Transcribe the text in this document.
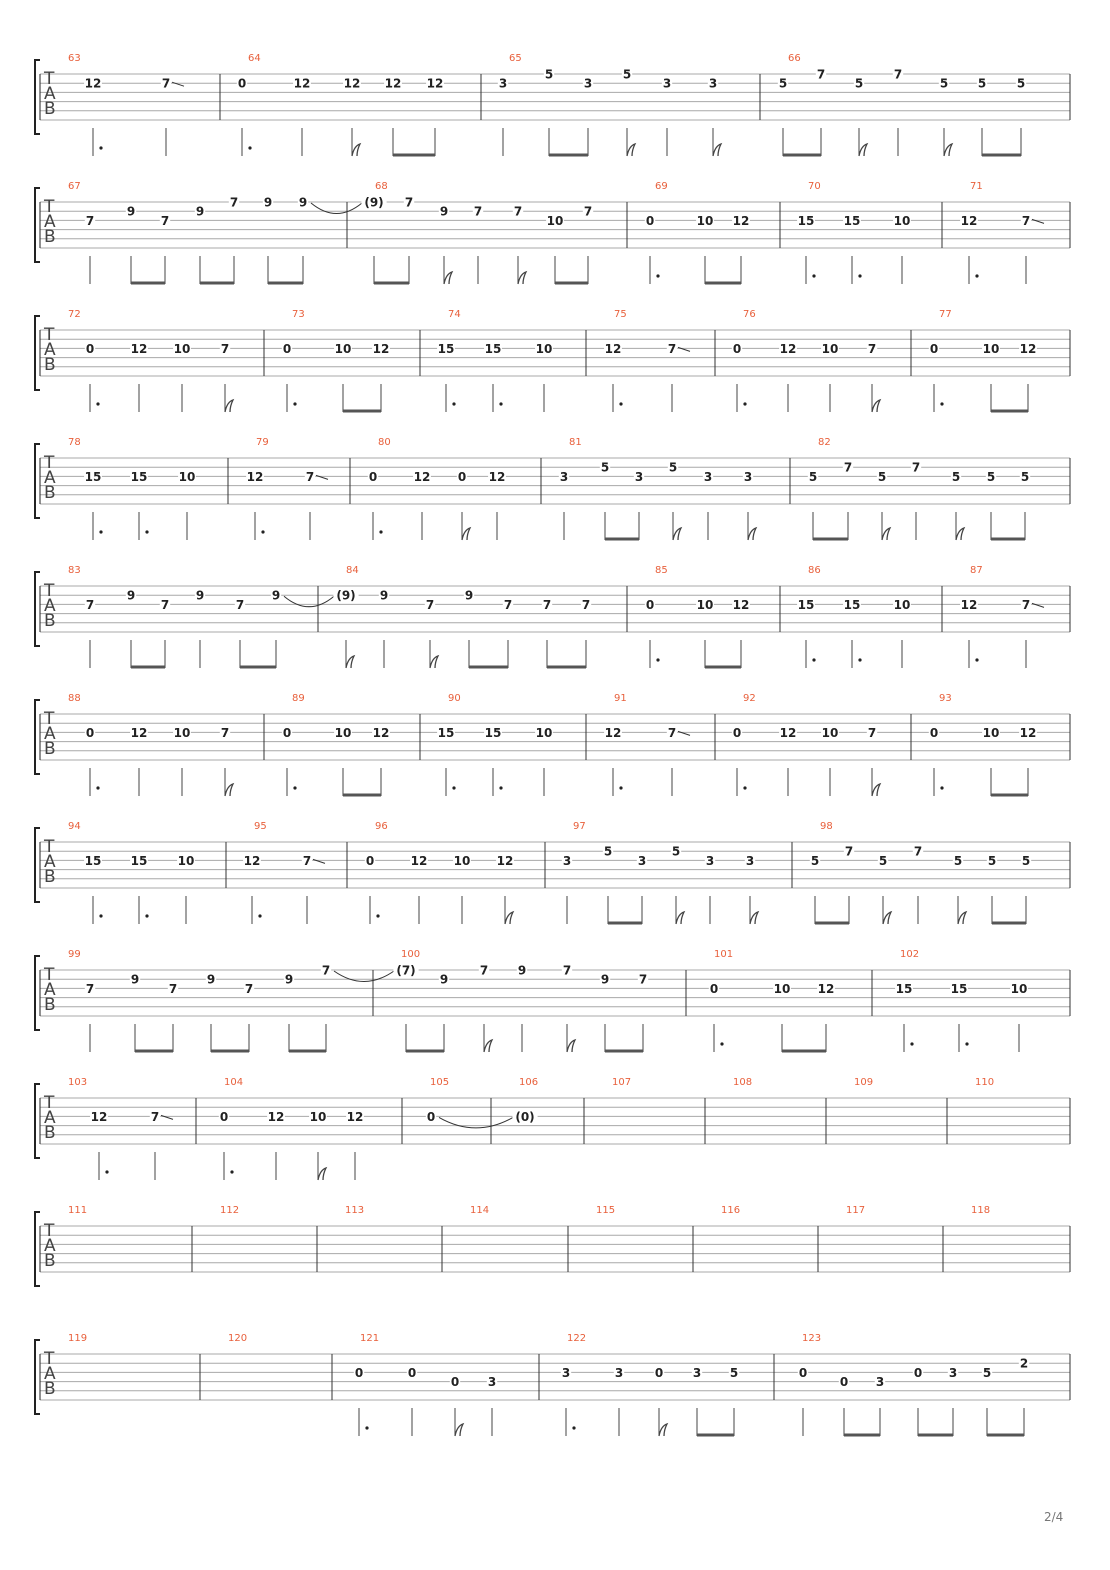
T
A
B
63
12	7
64
0	12	12 12 12
65
3
5
3
5
3	3
66
5
7
5
7
5 5	5
T
A
B
67
7
9
7
9
7 9 9
68
(9) 7
9 7	7
10
7
69
0	10 12
70
15 15	10
71
12	7
T
A
B
72
0	12 10	7
73
0	10 12
74
15	15	10
75
12	7
76
0	12 10 7
77
0	10 12
T
A
B
78
15 15	10
79
12	7
80
0	12 0 12
81
3
5
3
5
3	3
82
5
7
5
7
5 5 5
T
A
B
83
7
9
7
9
7
9
84
(9) 9
7
9
7	7	7
85
0	10 12
86
15 15	10
87
12	7
T
A
B
88
0	12 10	7
89
0	10 12
90
15	15	10
91
12	7
92
0	12 10 7
93
0	10 12
T
A
B
94
15 15	10
95
12	7
96
0	12 10 12
97
3
5
3
5
3	3
98
5
7
5
7
5 5 5
T
A
B
99
7
9
7
9
7
9
7
100
(7)
9
7 9	7
9 7
101
0	10 12
102
15	15	10
T
A
B
103
12	7
104
0	12 10 12
105
0
106
(0)
107	108	109	110
T
A
B
111	112	113	114	115	116	117	118
T
A
B
119	120	121
0	0
0 3
122
3	3	0 3 5
123
0
0 3
0 3 5
2
2/4
